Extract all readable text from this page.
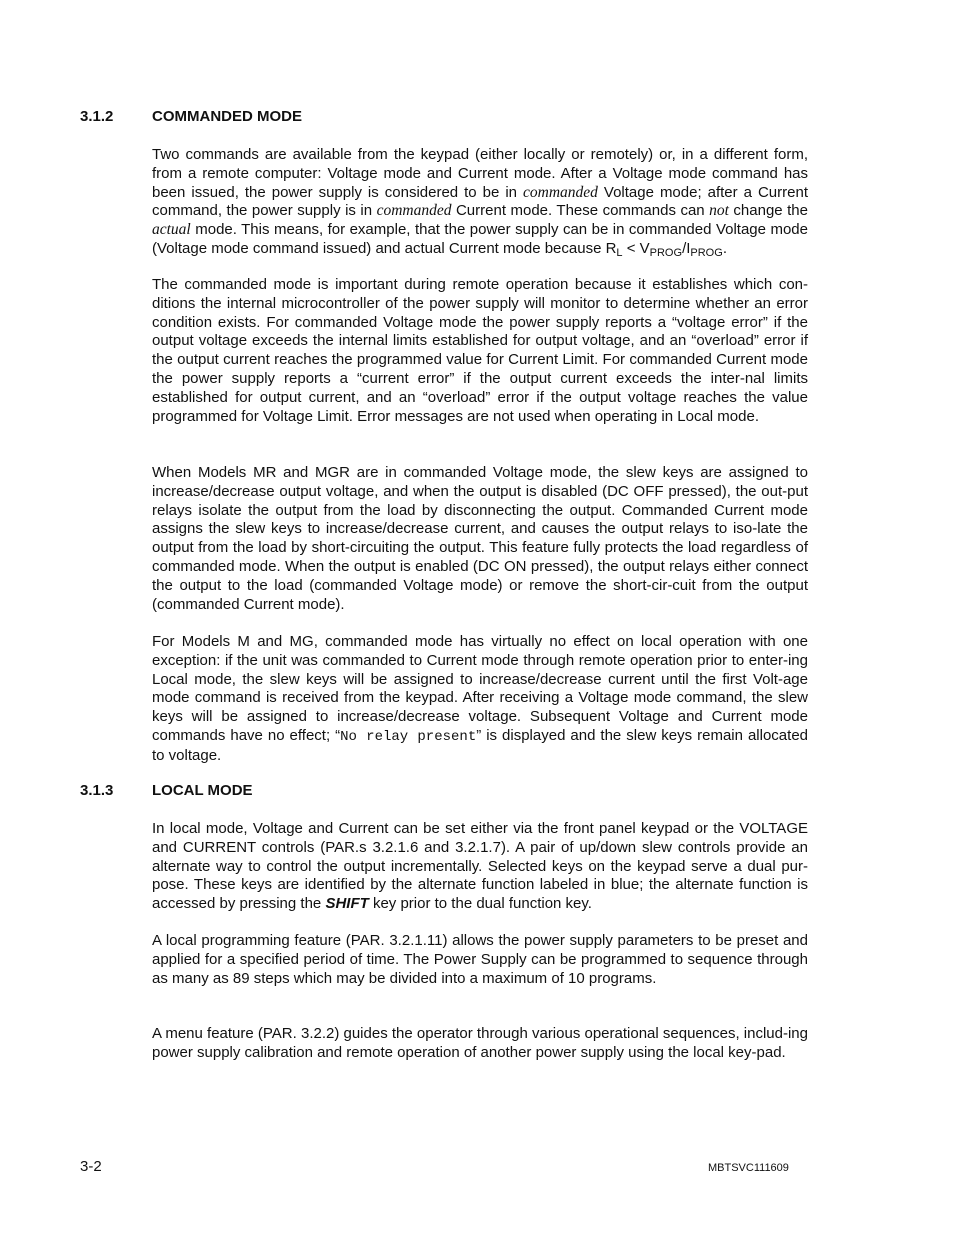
3.1.2	COMMANDED MODE

Two commands are available from the keypad (either locally or remotely) or, in a different form, from a remote computer: Voltage mode and Current mode. After a Voltage mode command has been issued, the power supply is considered to be in commanded Voltage mode; after a Current command, the power supply is in commanded Current mode. These commands can not change the actual mode. This means, for example, that the power supply can be in commanded Voltage mode (Voltage mode command issued) and actual Current mode because $R_L < V_{PROG}/I_{PROG}$.

The commanded mode is important during remote operation because it establishes which con-ditions the internal microcontroller of the power supply will monitor to determine whether an error condition exists. For commanded Voltage mode the power supply reports a “voltage error” if the output voltage exceeds the internal limits established for output voltage, and an “overload” error if the output current reaches the programmed value for Current Limit. For commanded Current mode the power supply reports a “current error” if the output current exceeds the inter-nal limits established for output current, and an “overload” error if the output voltage reaches the value programmed for Voltage Limit. Error messages are not used when operating in Local mode.

When Models MR and MGR are in commanded Voltage mode, the slew keys are assigned to increase/decrease output voltage, and when the output is disabled (DC OFF pressed), the out-put relays isolate the output from the load by disconnecting the output. Commanded Current mode assigns the slew keys to increase/decrease current, and causes the output relays to iso-late the output from the load by short-circuiting the output. This feature fully protects the load regardless of commanded mode. When the output is enabled (DC ON pressed), the output relays either connect the output to the load (commanded Voltage mode) or remove the short-cir-cuit from the output (commanded Current mode).

For Models M and MG, commanded mode has virtually no effect on local operation with one exception: if the unit was commanded to Current mode through remote operation prior to enter-ing Local mode, the slew keys will be assigned to increase/decrease current until the first Volt-age mode command is received from the keypad. After receiving a Voltage mode command, the slew keys will be assigned to increase/decrease voltage. Subsequent Voltage and Current mode commands have no effect; “No relay present” is displayed and the slew keys remain allocated to voltage.

3.1.3	LOCAL MODE

In local mode, Voltage and Current can be set either via the front panel keypad or the VOLTAGE and CURRENT controls (PAR.s 3.2.1.6 and 3.2.1.7). A pair of up/down slew controls provide an alternate way to control the output incrementally. Selected keys on the keypad serve a dual pur-pose. These keys are identified by the alternate function labeled in blue; the alternate function is accessed by pressing the SHIFT key prior to the dual function key.

A local programming feature (PAR. 3.2.1.11) allows the power supply parameters to be preset and applied for a specified period of time. The Power Supply can be programmed to sequence through as many as 89 steps which may be divided into a maximum of 10 programs.

A menu feature (PAR. 3.2.2) guides the operator through various operational sequences, includ-ing power supply calibration and remote operation of another power supply using the local key-pad.

3-2	MBTSVC111609
